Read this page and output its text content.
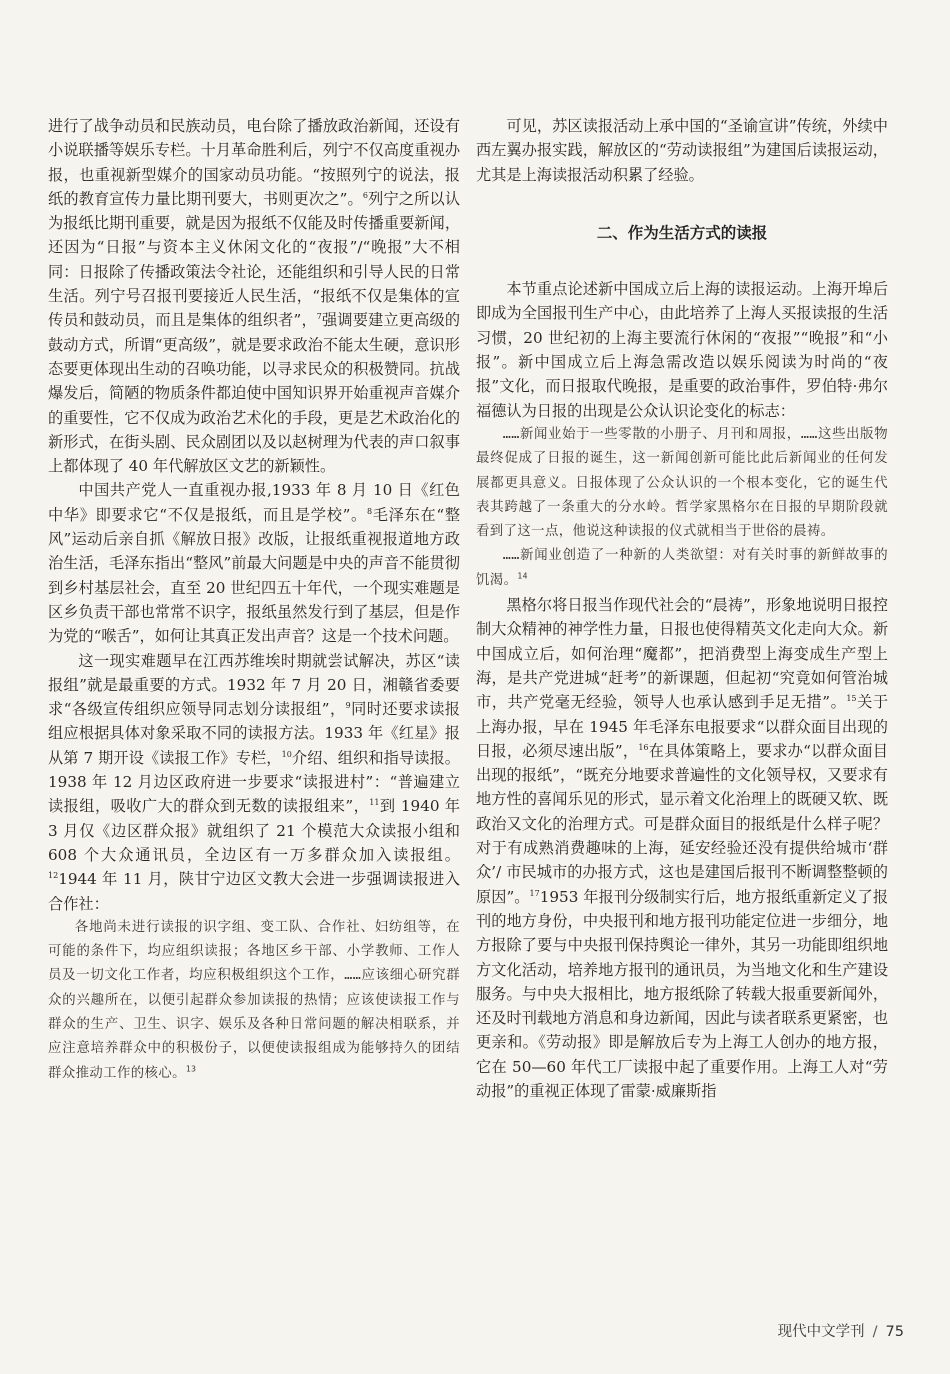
进行了战争动员和民族动员，电台除了播放政治新闻，还设有小说联播等娱乐专栏。十月革命胜利后，列宁不仅高度重视办报，也重视新型媒介的国家动员功能。“按照列宁的说法，报纸的教育宣传力量比期刊要大，书则更次之”。$^6$列宁之所以认为报纸比期刊重要，就是因为报纸不仅能及时传播重要新闻，还因为“日报”与资本主义休闲文化的“夜报”/“晚报”大不相同：日报除了传播政策法令社论，还能组织和引导人民的日常生活。列宁号召报刊要接近人民生活，“报纸不仅是集体的宣传员和鼓动员，而且是集体的组织者”，$^7$强调要建立更高级的鼓动方式，所谓“更高级”，就是要求政治不能太生硬，意识形态要更体现出生动的召唤功能，以寻求民众的积极赞同。抗战爆发后，简陋的物质条件都迫使中国知识界开始重视声音媒介的重要性，它不仅成为政治艺术化的手段，更是艺术政治化的新形式，在街头剧、民众剧团以及以赵树理为代表的声口叙事上都体现了 40 年代解放区文艺的新颖性。

中国共产党人一直重视办报,1933 年 8 月 10 日《红色中华》即要求它“不仅是报纸，而且是学校”。$^8$毛泽东在“整风”运动后亲自抓《解放日报》改版，让报纸重视报道地方政治生活，毛泽东指出“整风”前最大问题是中央的声音不能贯彻到乡村基层社会，直至 20 世纪四五十年代，一个现实难题是区乡负责干部也常常不识字，报纸虽然发行到了基层，但是作为党的“喉舌”，如何让其真正发出声音？这是一个技术问题。

这一现实难题早在江西苏维埃时期就尝试解决，苏区“读报组”就是最重要的方式。1932 年 7 月 20 日，湘赣省委要求“各级宣传组织应领导同志划分读报组”，$^9$同时还要求读报组应根据具体对象采取不同的读报方法。1933 年《红星》报从第 7 期开设《读报工作》专栏，$^{10}$介绍、组织和指导读报。1938 年 12 月边区政府进一步要求“读报进村”：“普遍建立读报组，吸收广大的群众到无数的读报组来”，$^{11}$到 1940 年 3 月仅《边区群众报》就组织了 21 个模范大众读报小组和 608 个大众通讯员，全边区有一万多群众加入读报组。$^{12}$1944 年 11 月，陕甘宁边区文教大会进一步强调读报进入合作社：

各地尚未进行读报的识字组、变工队、合作社、妇纺组等，在可能的条件下，均应组织读报；各地区乡干部、小学教师、工作人员及一切文化工作者，均应积极组织这个工作，……应该细心研究群众的兴趣所在，以便引起群众参加读报的热情；应该使读报工作与群众的生产、卫生、识字、娱乐及各种日常问题的解决相联系，并应注意培养群众中的积极份子，以便使读报组成为能够持久的团结群众推动工作的核心。$^{13}$

可见，苏区读报活动上承中国的“圣谕宣讲”传统，外续中西左翼办报实践，解放区的“劳动读报组”为建国后读报运动，尤其是上海读报活动积累了经验。

二、作为生活方式的读报

本节重点论述新中国成立后上海的读报运动。上海开埠后即成为全国报刊生产中心，由此培养了上海人买报读报的生活习惯，20 世纪初的上海主要流行休闲的“夜报”“晚报”和“小报”。新中国成立后上海急需改造以娱乐阅读为时尚的“夜报”文化，而日报取代晚报，是重要的政治事件，罗伯特·弗尔福德认为日报的出现是公众认识论变化的标志：

……新闻业始于一些零散的小册子、月刊和周报，……这些出版物最终促成了日报的诞生，这一新闻创新可能比此后新闻业的任何发展都更具意义。日报体现了公众认识的一个根本变化，它的诞生代表其跨越了一条重大的分水岭。哲学家黑格尔在日报的早期阶段就看到了这一点，他说这种读报的仪式就相当于世俗的晨祷。

……新闻业创造了一种新的人类欲望：对有关时事的新鲜故事的饥渴。$^{14}$

黑格尔将日报当作现代社会的“晨祷”，形象地说明日报控制大众精神的神学性力量，日报也使得精英文化走向大众。新中国成立后，如何治理“魔都”，把消费型上海变成生产型上海，是共产党进城“赶考”的新课题，但起初“究竟如何管治城市，共产党毫无经验，领导人也承认感到手足无措”。$^{15}$关于上海办报，早在 1945 年毛泽东电报要求“以群众面目出现的日报，必须尽速出版”，$^{16}$在具体策略上，要求办“以群众面目出现的报纸”，“既充分地要求普遍性的文化领导权，又要求有地方性的喜闻乐见的形式，显示着文化治理上的既硬又软、既政治又文化的治理方式。可是群众面目的报纸是什么样子呢？对于有成熟消费趣味的上海，延安经验还没有提供给城市‘群众’/ 市民城市的办报方式，这也是建国后报刊不断调整整顿的原因”。$^{17}$1953 年报刊分级制实行后，地方报纸重新定义了报刊的地方身份，中央报刊和地方报刊功能定位进一步细分，地方报除了要与中央报刊保持舆论一律外，其另一功能即组织地方文化活动，培养地方报刊的通讯员，为当地文化和生产建设服务。与中央大报相比，地方报纸除了转载大报重要新闻外，还及时刊载地方消息和身边新闻，因此与读者联系更紧密，也更亲和。《劳动报》即是解放后专为上海工人创办的地方报，它在 50—60 年代工厂读报中起了重要作用。上海工人对“劳动报”的重视正体现了雷蒙·威廉斯指

现代中文学刊 / 75
